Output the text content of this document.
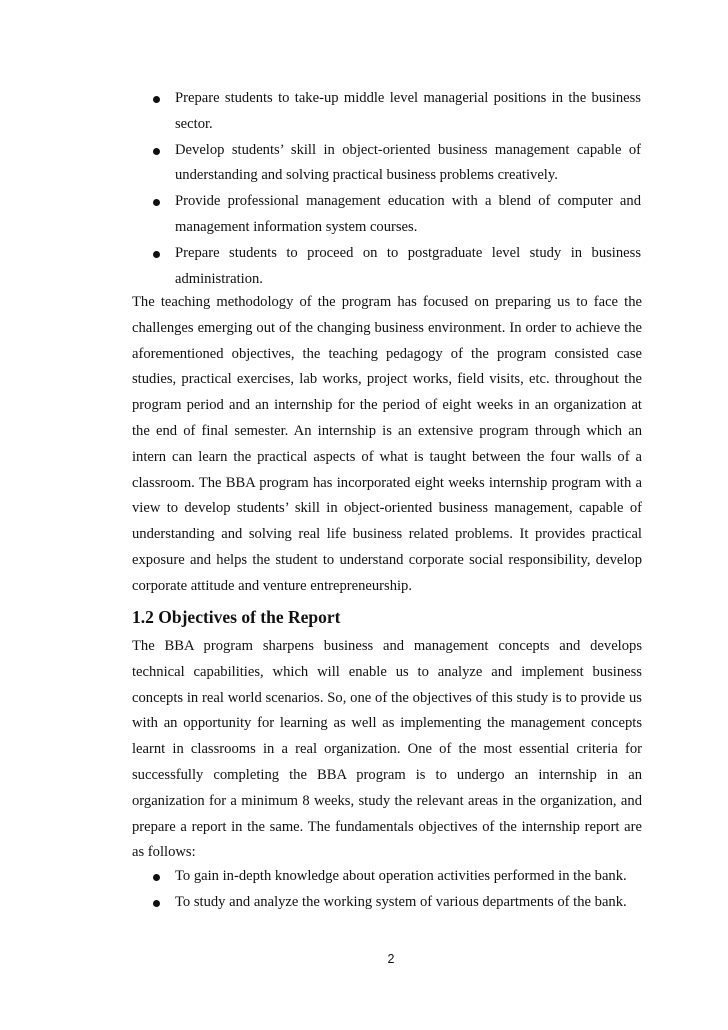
Prepare students to take-up middle level managerial positions in the business sector.
Develop students’ skill in object-oriented business management capable of understanding and solving practical business problems creatively.
Provide professional management education with a blend of computer and management information system courses.
Prepare students to proceed on to postgraduate level study in business administration.

The teaching methodology of the program has focused on preparing us to face the challenges emerging out of the changing business environment. In order to achieve the aforementioned objectives, the teaching pedagogy of the program consisted case studies, practical exercises, lab works, project works, field visits, etc. throughout the program period and an internship for the period of eight weeks in an organization at the end of final semester. An internship is an extensive program through which an intern can learn the practical aspects of what is taught between the four walls of a classroom. The BBA program has incorporated eight weeks internship program with a view to develop students’ skill in object-oriented business management, capable of understanding and solving real life business related problems. It provides practical exposure and helps the student to understand corporate social responsibility, develop corporate attitude and venture entrepreneurship.

1.2 Objectives of the Report

The BBA program sharpens business and management concepts and develops technical capabilities, which will enable us to analyze and implement business concepts in real world scenarios. So, one of the objectives of this study is to provide us with an opportunity for learning as well as implementing the management concepts learnt in classrooms in a real organization. One of the most essential criteria for successfully completing the BBA program is to undergo an internship in an organization for a minimum 8 weeks, study the relevant areas in the organization, and prepare a report in the same. The fundamentals objectives of the internship report are as follows:

To gain in-depth knowledge about operation activities performed in the bank.
To study and analyze the working system of various departments of the bank.
2
